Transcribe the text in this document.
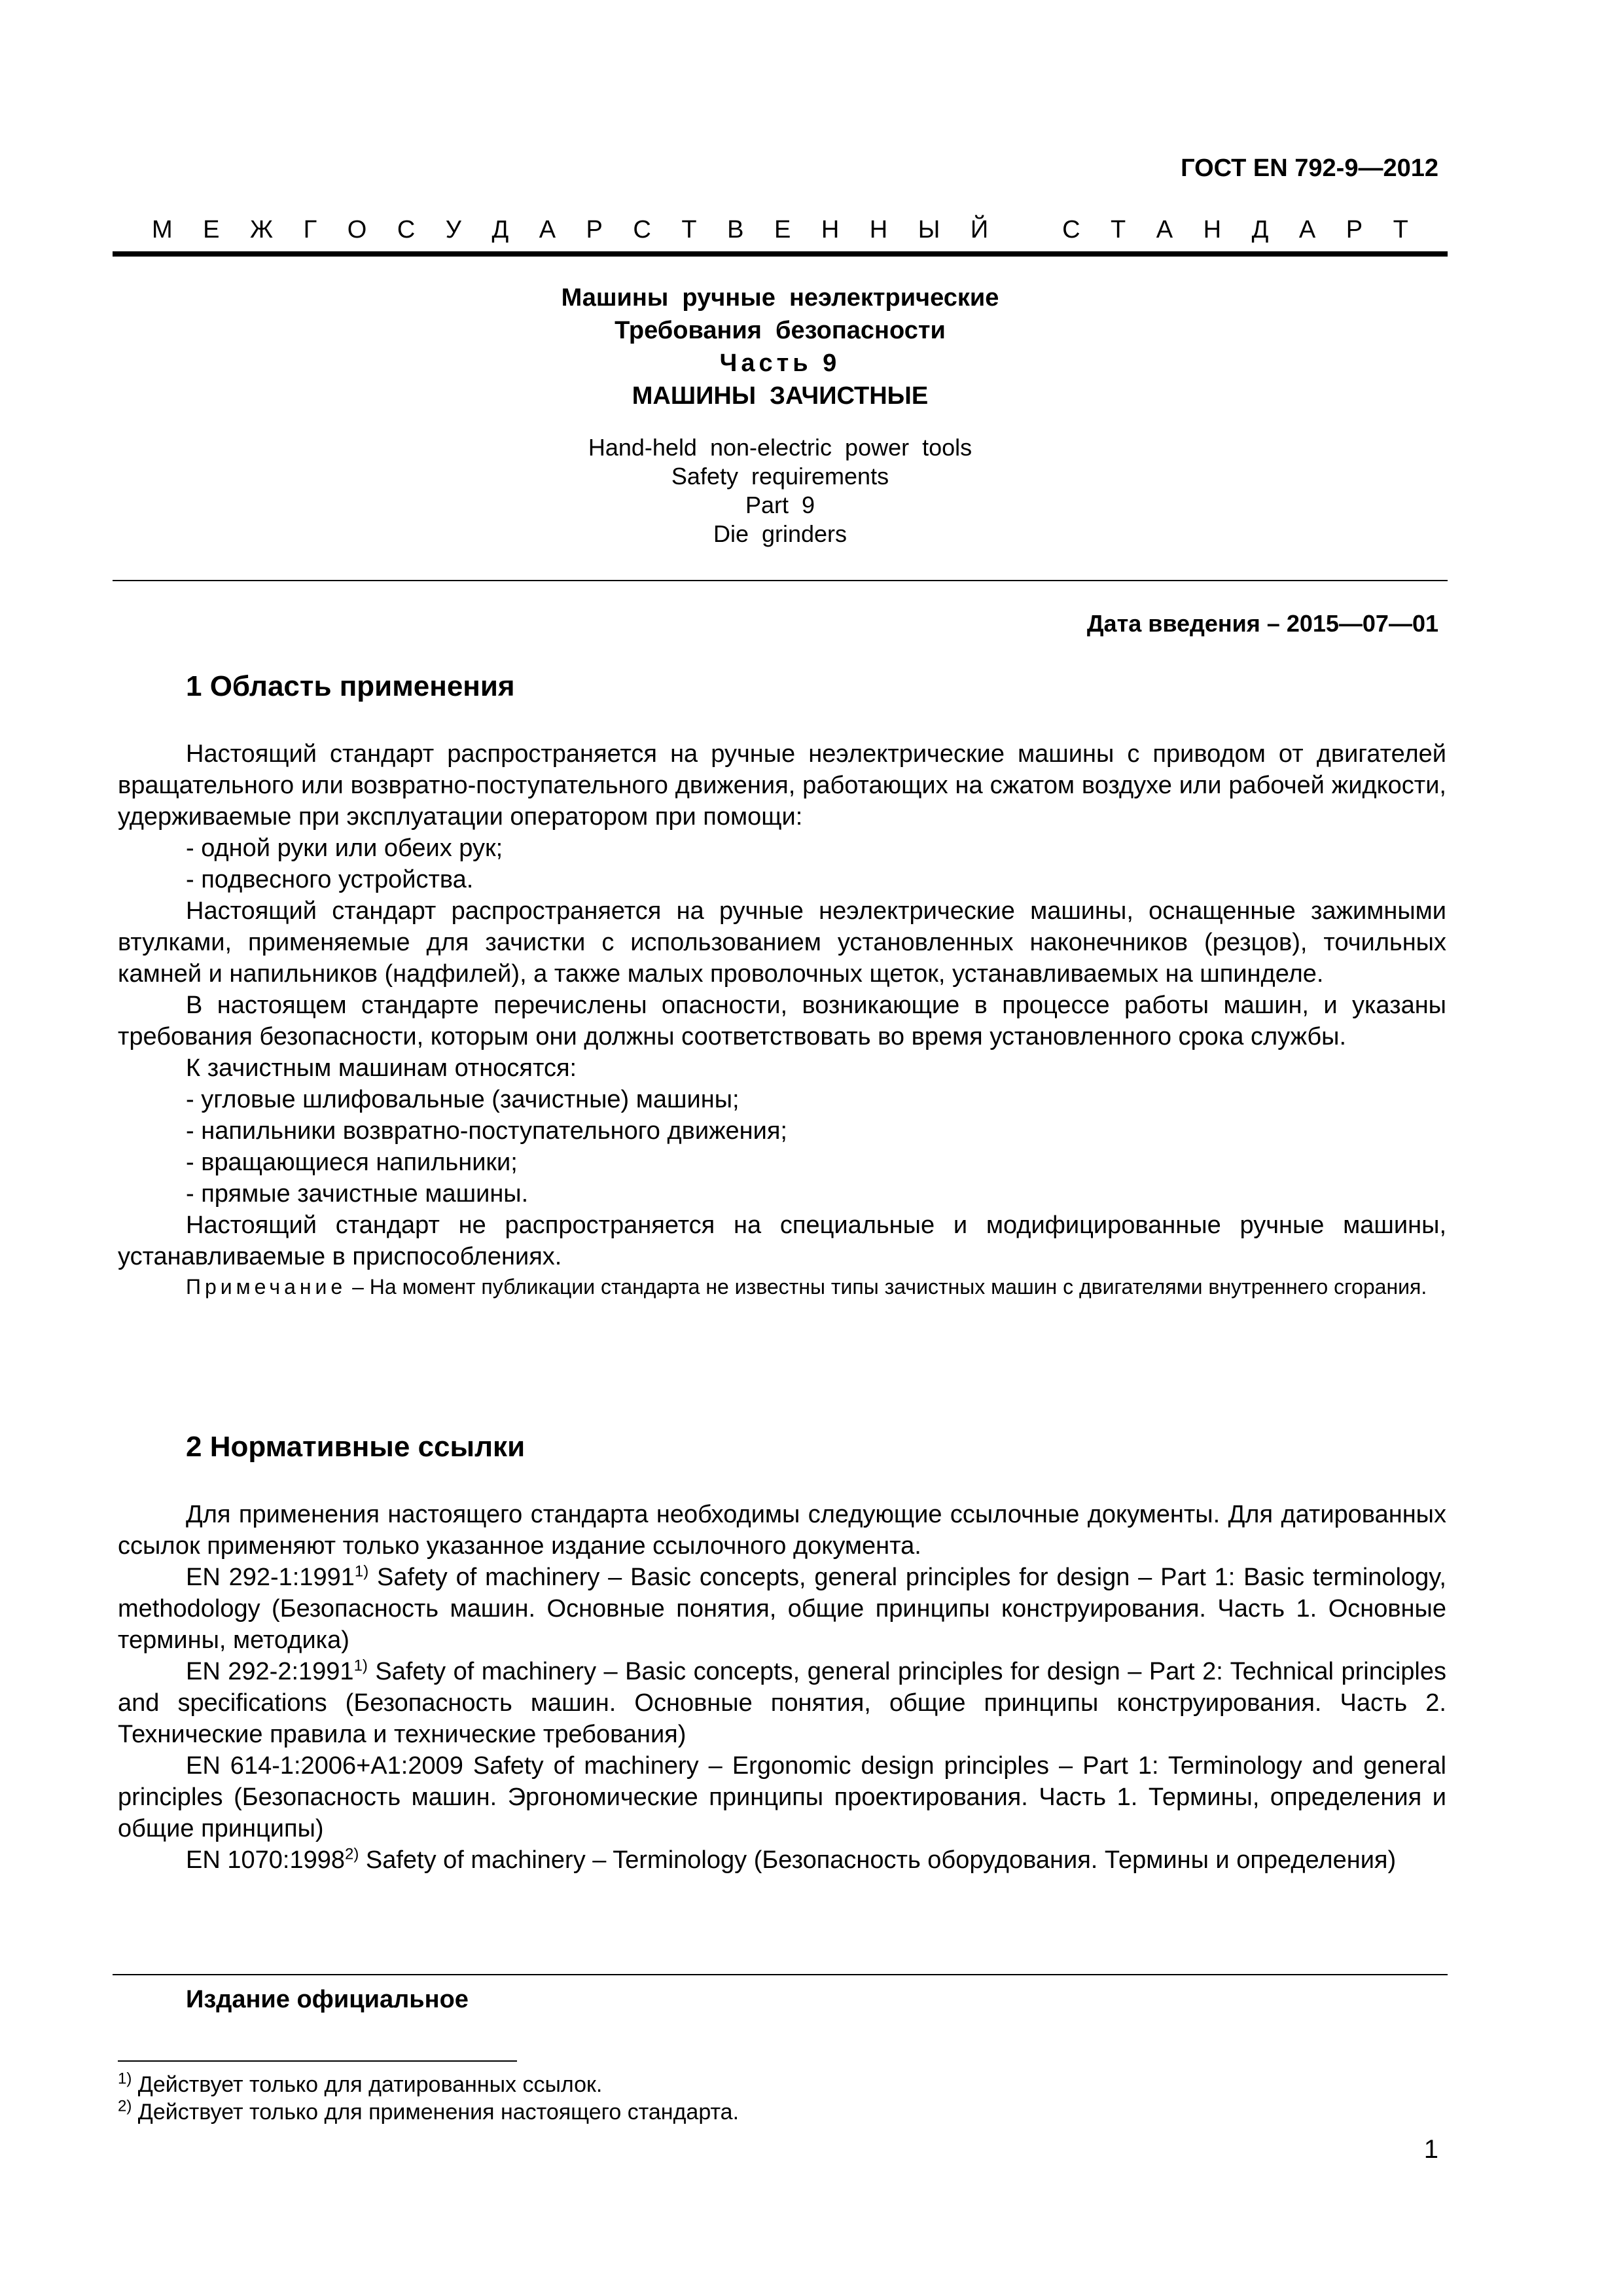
ГОСТ EN 792-9—2012
М Е Ж Г О С У Д А Р С Т В Е Н Н Ы Й	С Т А Н Д А Р Т
Машины  ручные  неэлектрические
Требования  безопасности
Часть 9
МАШИНЫ  ЗАЧИСТНЫЕ
Hand-held  non-electric  power  tools
Safety  requirements
Part  9
Die  grinders
Дата введения – 2015—07—01
1 Область применения

Настоящий стандарт распространяется на ручные неэлектрические машины с приводом от двигателей вращательного или возвратно-поступательного движения, работающих на сжатом воздухе или рабочей жидкости, удерживаемые при эксплуатации оператором при помощи:

- одной руки или обеих рук;

- подвесного устройства.

Настоящий стандарт распространяется на ручные неэлектрические машины, оснащенные зажимными втулками, применяемые для зачистки с использованием установленных наконечников (резцов), точильных камней и напильников (надфилей), а также малых проволочных щеток, устанавливаемых на шпинделе.

В настоящем стандарте перечислены опасности, возникающие в процессе работы машин, и указаны требования безопасности, которым они должны соответствовать во время установленного срока службы.

К зачистным машинам относятся:

- угловые шлифовальные (зачистные) машины;

- напильники возвратно-поступательного движения;

- вращающиеся напильники;

- прямые зачистные машины.

Настоящий стандарт не распространяется на специальные и модифицированные ручные машины, устанавливаемые в приспособлениях.

Примечание – На момент публикации стандарта не известны типы зачистных машин с двигателями внутреннего сгорания.

2 Нормативные ссылки

Для применения настоящего стандарта необходимы следующие ссылочные документы. Для датированных ссылок применяют только указанное издание ссылочного документа.

EN 292-1:1991$^{1)}$ Safety of machinery – Basic concepts, general principles for design – Part 1: Basic terminology, methodology (Безопасность машин. Основные понятия, общие принципы конструирования. Часть 1. Основные термины, методика)

EN 292-2:1991$^{1)}$ Safety of machinery – Basic concepts, general principles for design – Part 2: Technical principles and specifications (Безопасность машин. Основные понятия, общие принципы конструирования. Часть 2. Технические правила и технические требования)

EN 614-1:2006+A1:2009 Safety of machinery – Ergonomic design principles – Part 1: Terminology and general principles (Безопасность машин. Эргономические принципы проектирования. Часть 1. Термины, определения и общие принципы)

EN 1070:1998$^{2)}$ Safety of machinery – Terminology (Безопасность оборудования. Термины и определения)

Издание официальное
$^{1)}$ Действует только для датированных ссылок.
$^{2)}$ Действует только для применения настоящего стандарта.
1
